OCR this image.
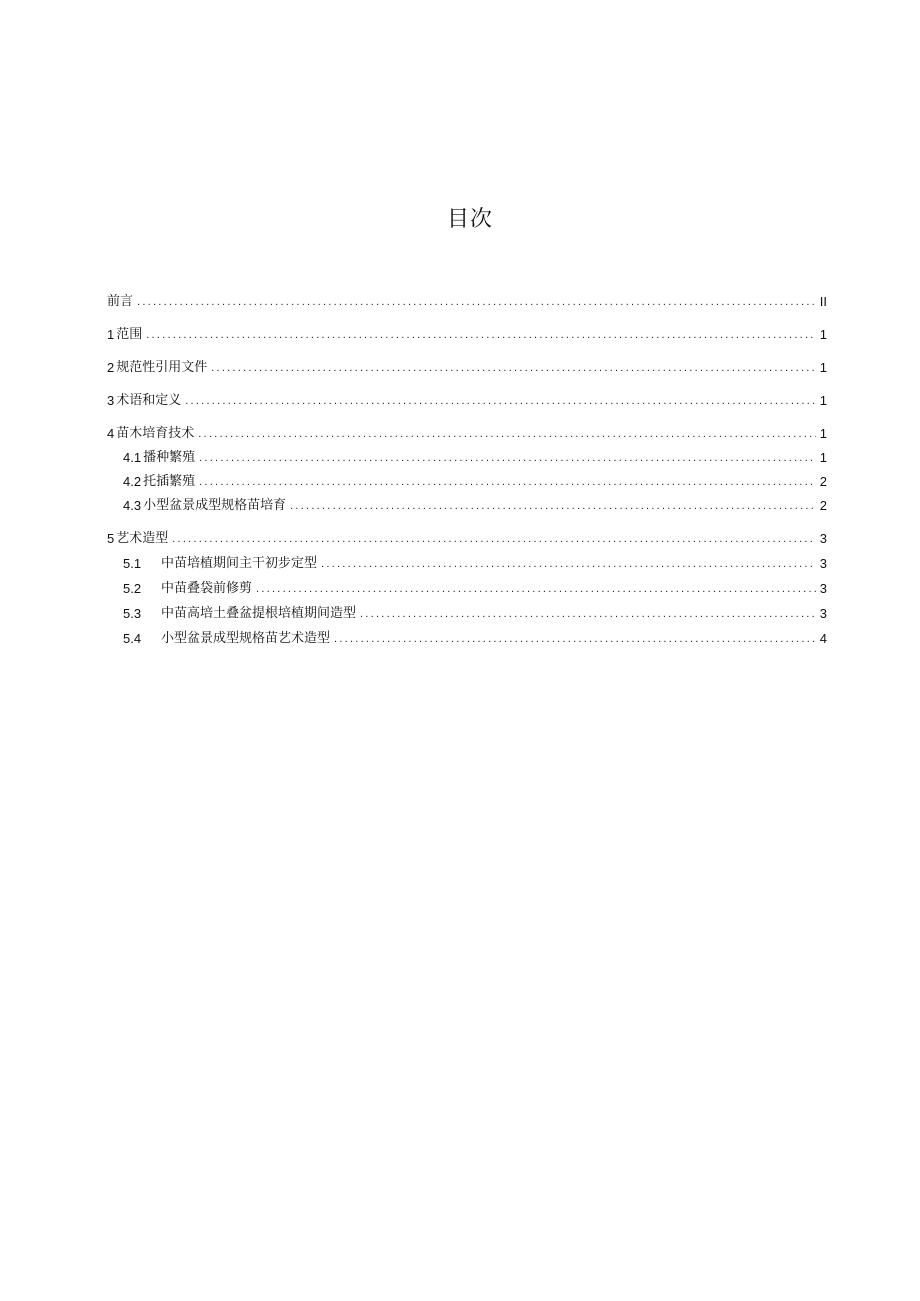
目次
前言 . . .	II
1 范围 . . .	1
2 规范性引用文件 . . .	1
3 术语和定义 . . .	1
4 苗木培育技术 . . .	1
4.1 播种繁殖 . . .	1
4.2 托插繁殖 . . .	2
4.3 小型盆景成型规格苗培育 . . .	2
5 艺术造型 . . .	3
5.1	中苗培植期间主干初步定型 . . .	3
5.2	中苗叠袋前修剪 . . .	3
5.3	中苗高培土叠盆提根培植期间造型 . . .	3
5.4	小型盆景成型规格苗艺术造型 . . .	4
